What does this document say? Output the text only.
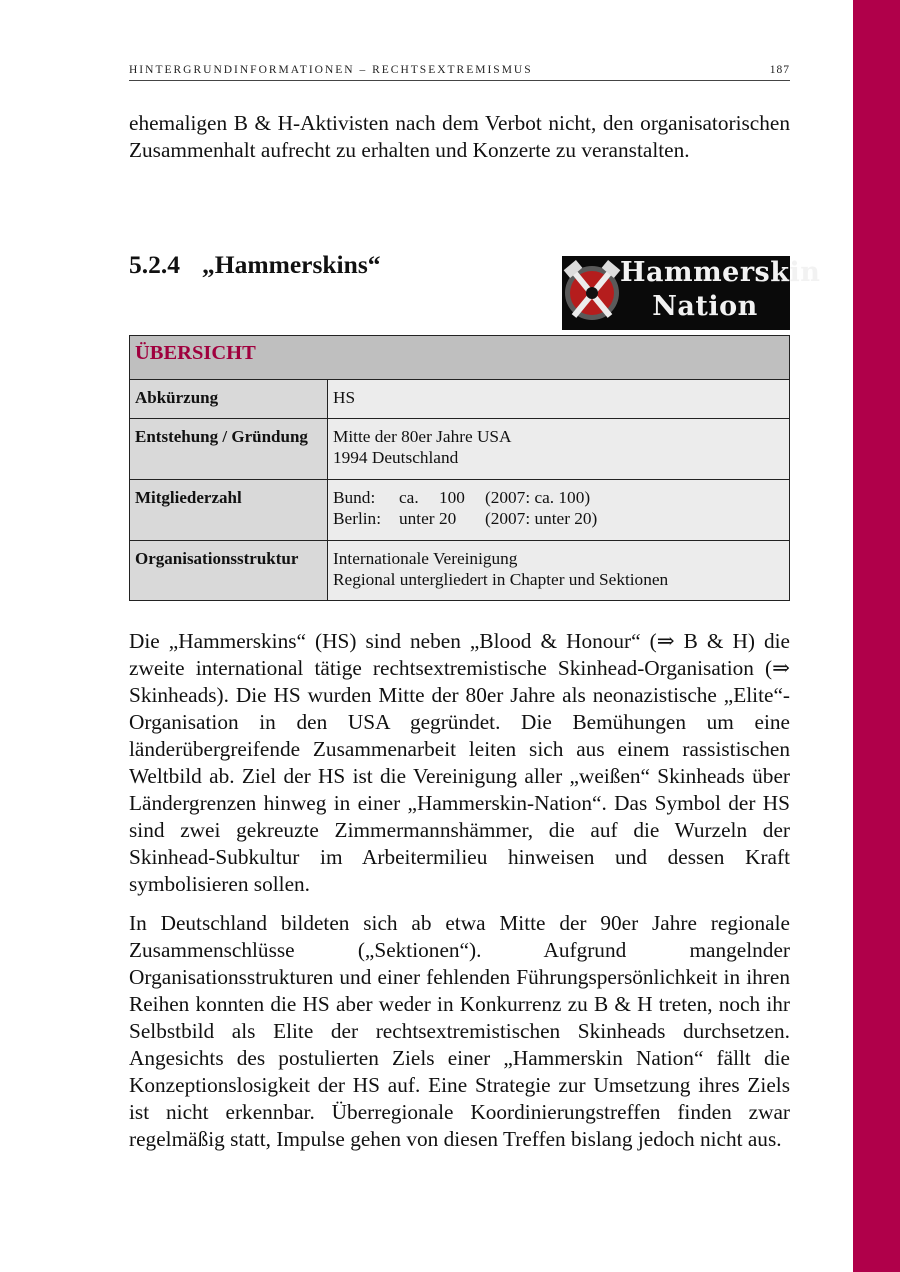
HINTERGRUNDINFORMATIONEN – RECHTSEXTREMISMUS	187

ehemaligen B & H-Aktivisten nach dem Verbot nicht, den organisatorischen Zusammenhalt aufrecht zu erhalten und Konzerte zu veranstalten.

5.2.4 „Hammerskins“	Hammerskin
Nation
ÜBERSICHT	
Abkürzung	HS

Entstehung / Gründung	Mitte der 80er Jahre USA
1994 Deutschland

Mitgliederzahl	Bund: ca. 100 (2007: ca. 100)
Berlin: unter 20 (2007: unter 20)

Organisationsstruktur	Internationale Vereinigung
Regional untergliedert in Chapter und Sektionen

Die „Hammerskins“ (HS) sind neben „Blood & Honour“ (⇒ B & H) die zweite international tätige rechtsextremistische Skinhead-Organisation (⇒ Skinheads). Die HS wurden Mitte der 80er Jahre als neonazistische „Elite“-Organisation in den USA gegründet. Die Bemühungen um eine länderübergreifende Zusammenarbeit leiten sich aus einem rassistischen Weltbild ab. Ziel der HS ist die Vereinigung aller „weißen“ Skinheads über Ländergrenzen hinweg in einer „Hammerskin-Nation“. Das Symbol der HS sind zwei gekreuzte Zimmermannshämmer, die auf die Wurzeln der Skinhead-Subkultur im Arbeitermilieu hinweisen und dessen Kraft symbolisieren sollen.

In Deutschland bildeten sich ab etwa Mitte der 90er Jahre regionale Zusammenschlüsse („Sektionen“). Aufgrund mangelnder Organisationsstrukturen und einer fehlenden Führungspersönlichkeit in ihren Reihen konnten die HS aber weder in Konkurrenz zu B & H treten, noch ihr Selbstbild als Elite der rechtsextremistischen Skinheads durchsetzen. Angesichts des postulierten Ziels einer „Hammerskin Nation“ fällt die Konzeptionslosigkeit der HS auf. Eine Strategie zur Umsetzung ihres Ziels ist nicht erkennbar. Überregionale Koordinierungstreffen finden zwar regelmäßig statt, Impulse gehen von diesen Treffen bislang jedoch nicht aus.
